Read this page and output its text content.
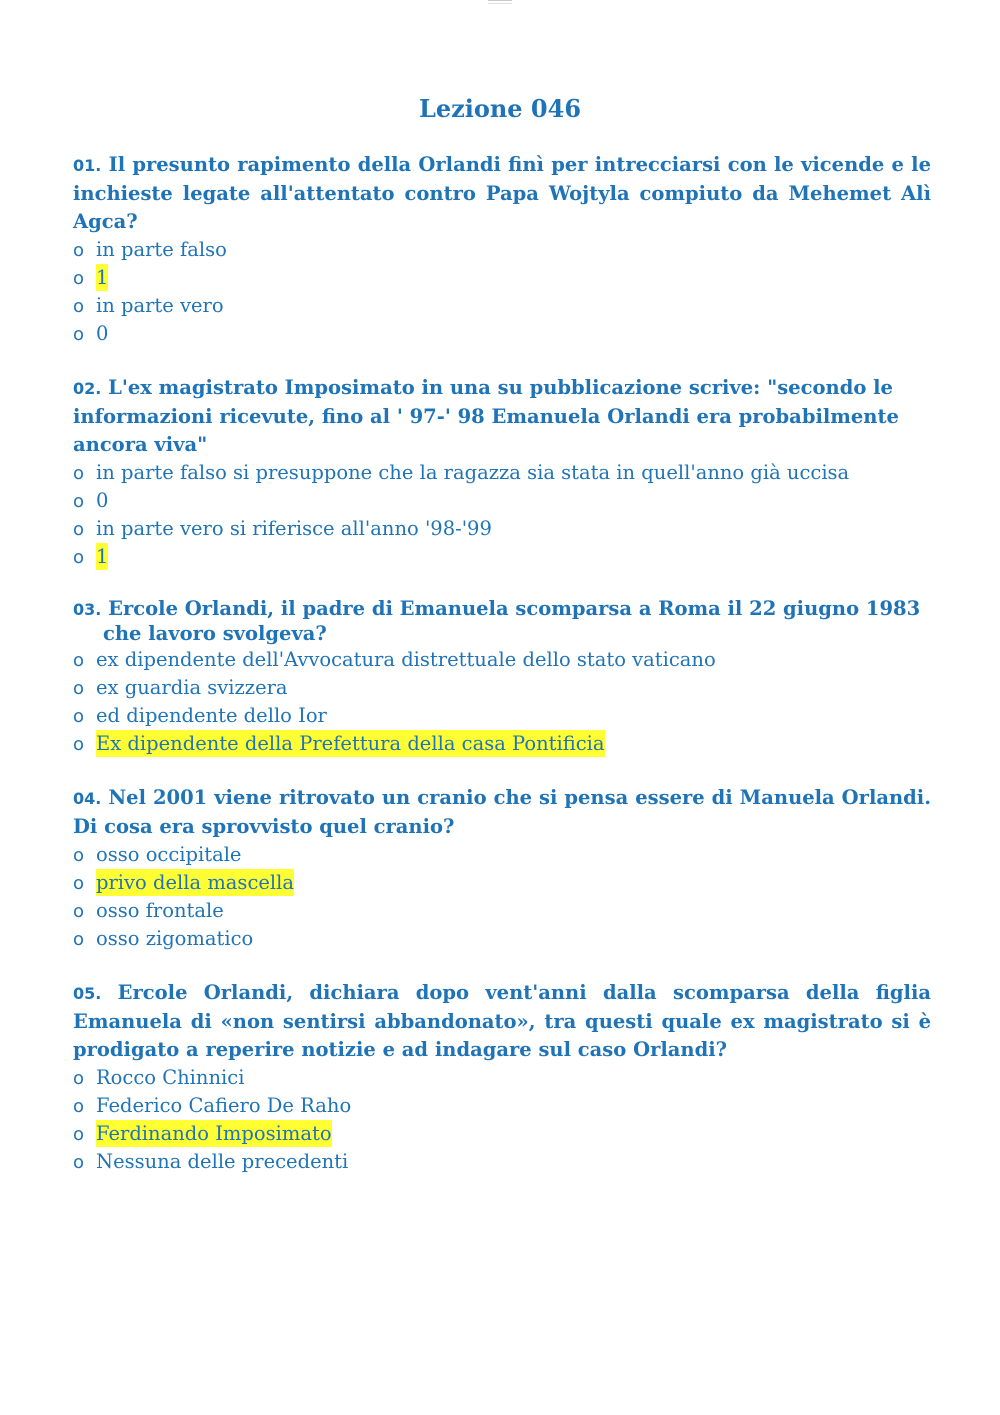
Lezione 046

01. Il presunto rapimento della Orlandi finì per intrecciarsi con le vicende e le inchieste legate all'attentato contro Papa Wojtyla compiuto da Mehemet Alì Agca?

o in parte falso
o 1
o in parte vero
o 0

02. L'ex magistrato Imposimato in una su pubblicazione scrive: "secondo le informazioni ricevute, fino al ' 97-' 98 Emanuela Orlandi era probabilmente ancora viva"

o in parte falso si presuppone che la ragazza sia stata in quell'anno già uccisa
o 0
o in parte vero si riferisce all'anno '98-'99
o 1

03. Ercole Orlandi, il padre di Emanuela scomparsa a Roma il 22 giugno 1983 che lavoro svolgeva?

o ex dipendente dell'Avvocatura distrettuale dello stato vaticano
o ex guardia svizzera
o ed dipendente dello Ior
o Ex dipendente della Prefettura della casa Pontificia

04. Nel 2001 viene ritrovato un cranio che si pensa essere di Manuela Orlandi. Di cosa era sprovvisto quel cranio?

o osso occipitale
o privo della mascella
o osso frontale
o osso zigomatico

05. Ercole Orlandi, dichiara dopo vent'anni dalla scomparsa della figlia Emanuela di «non sentirsi abbandonato», tra questi quale ex magistrato si è prodigato a reperire notizie e ad indagare sul caso Orlandi?

o Rocco Chinnici
o Federico Cafiero De Raho
o Ferdinando Imposimato
o Nessuna delle precedenti
